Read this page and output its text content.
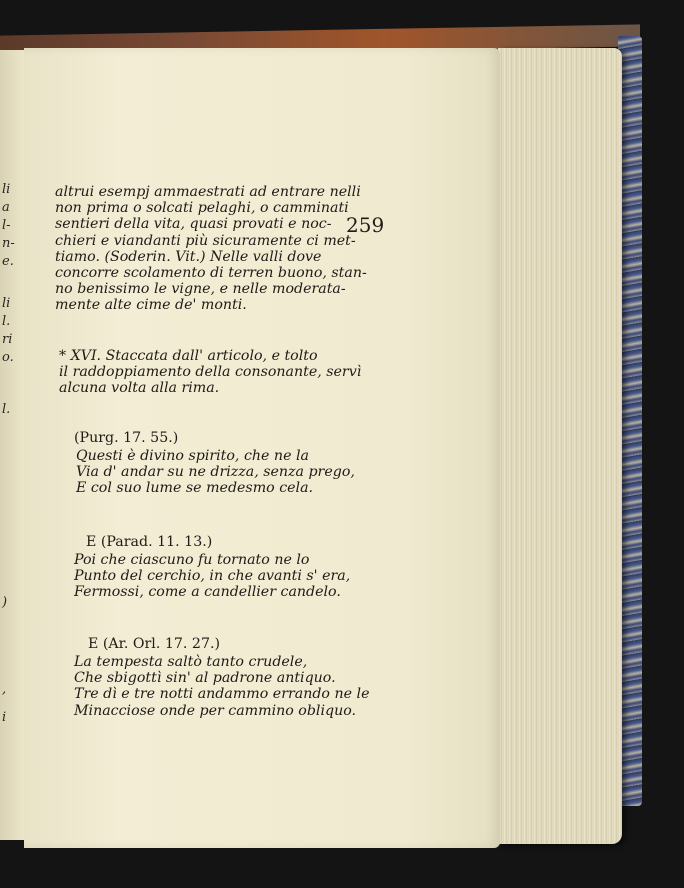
li
a
l-
n-
e.
li
l.
ri
o.
l.
)
,
i
259
altrui esempj ammaestrati ad entrare nelli
non prima o solcati pelaghi, o camminati
sentieri della vita, quasi provati e noc-
chieri e viandanti più sicuramente ci met-
tiamo. (Soderin. Vit.) Nelle valli dove
concorre scolamento di terren buono, stan-
no benissimo le vigne, e nelle moderata-
mente alte cime de' monti.
* XVI. Staccata dall' articolo, e tolto
il raddoppiamento della consonante, servì
alcuna volta alla rima.
(Purg. 17. 55.)
Questi è divino spirito, che ne la
Via d' andar su ne drizza, senza prego,
E col suo lume se medesmo cela.
E (Parad. 11. 13.)
Poi che ciascuno fu tornato ne lo
Punto del cerchio, in che avanti s' era,
Fermossi, come a candellier candelo.
E (Ar. Orl. 17. 27.)
La tempesta saltò tanto crudele,
Che sbigottì sin' al padrone antiquo.
Tre dì e tre notti andammo errando ne le
Minacciose onde per cammino obliquo.
